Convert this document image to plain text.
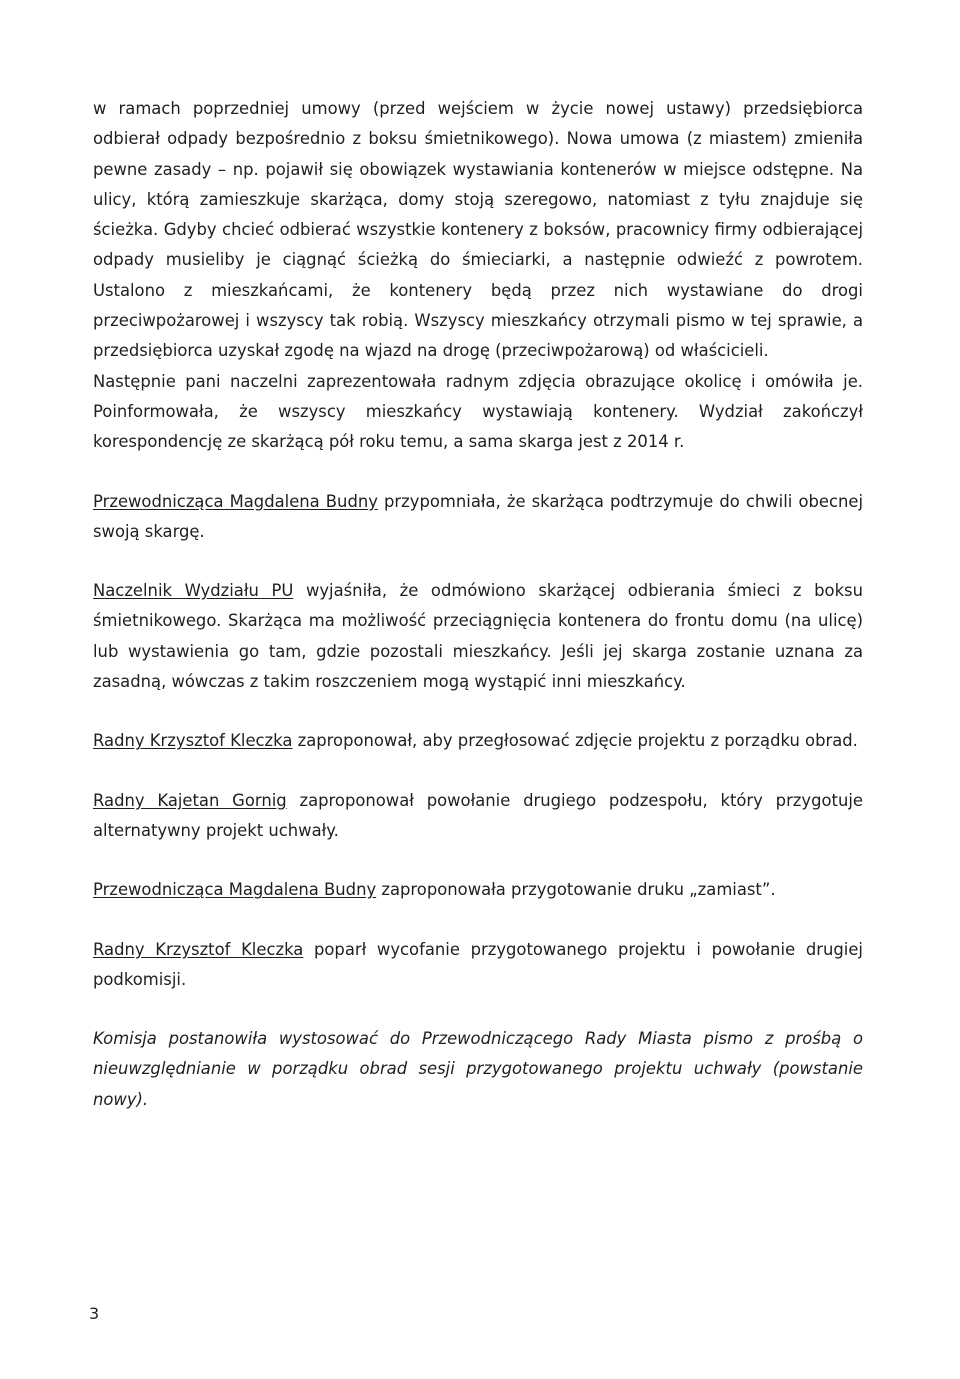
w ramach poprzedniej umowy (przed wejściem w życie nowej ustawy) przedsiębiorca odbierał odpady bezpośrednio z boksu śmietnikowego). Nowa umowa (z miastem) zmieniła pewne zasady – np. pojawił się obowiązek wystawiania kontenerów w miejsce odstępne. Na ulicy, którą zamieszkuje skarżąca, domy stoją szeregowo, natomiast z tyłu znajduje się ścieżka. Gdyby chcieć odbierać wszystkie kontenery z boksów, pracownicy firmy odbierającej odpady musieliby je ciągnąć ścieżką do śmieciarki, a następnie odwieźć z powrotem. Ustalono z mieszkańcami, że kontenery będą przez nich wystawiane do drogi przeciwpożarowej i wszyscy tak robią. Wszyscy mieszkańcy otrzymali pismo w tej sprawie, a przedsiębiorca uzyskał zgodę na wjazd na drogę (przeciwpożarową) od właścicieli.

Następnie pani naczelni zaprezentowała radnym zdjęcia obrazujące okolicę i omówiła je. Poinformowała, że wszyscy mieszkańcy wystawiają kontenery. Wydział zakończył korespondencję ze skarżącą pół roku temu, a sama skarga jest z 2014 r.

Przewodnicząca Magdalena Budny przypomniała, że skarżąca podtrzymuje do chwili obecnej swoją skargę.

Naczelnik Wydziału PU wyjaśniła, że odmówiono skarżącej odbierania śmieci z boksu śmietnikowego. Skarżąca ma możliwość przeciągnięcia kontenera do frontu domu (na ulicę) lub wystawienia go tam, gdzie pozostali mieszkańcy. Jeśli jej skarga zostanie uznana za zasadną, wówczas z takim roszczeniem mogą wystąpić inni mieszkańcy.

Radny Krzysztof Kleczka zaproponował, aby przegłosować zdjęcie projektu z porządku obrad.

Radny Kajetan Gornig zaproponował powołanie drugiego podzespołu, który przygotuje alternatywny projekt uchwały.

Przewodnicząca Magdalena Budny zaproponowała przygotowanie druku „zamiast”.

Radny Krzysztof Kleczka poparł wycofanie przygotowanego projektu i powołanie drugiej podkomisji.

Komisja postanowiła wystosować do Przewodniczącego Rady Miasta pismo z prośbą o nieuwzględnianie w porządku obrad sesji przygotowanego projektu uchwały (powstanie nowy).

3
